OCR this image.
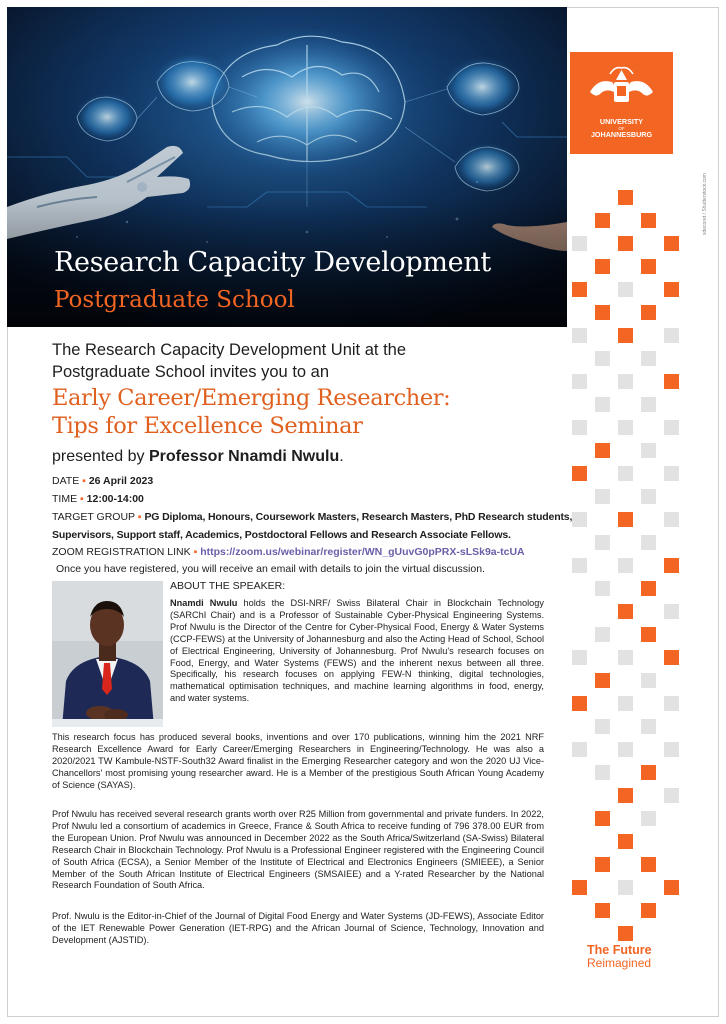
Research Capacity Development
Postgraduate School
UNIVERSITY
OF
JOHANNESBURG
sdecoret / Shutterstock.com
The Research Capacity Development Unit at the
Postgraduate School invites you to an
Early Career/Emerging Researcher:
Tips for Excellence Seminar
presented by Professor Nnamdi Nwulu.
DATE ▪ 26 April 2023
TIME ▪ 12:00-14:00
TARGET GROUP ▪ PG Diploma, Honours, Coursework Masters, Research Masters, PhD Research students,
Supervisors, Support staff, Academics, Postdoctoral Fellows and Research Associate Fellows.
ZOOM REGISTRATION LINK ▪ https://zoom.us/webinar/register/WN_gUuvG0pPRX-sLSk9a-tcUA
Once you have registered, you will receive an email with details to join the virtual discussion.
ABOUT THE SPEAKER:
Nnamdi Nwulu holds the DSI-NRF/ Swiss Bilateral Chair in Blockchain Technology (SARChI Chair) and is a Professor of Sustainable Cyber-Physical Engineering Systems. Prof Nwulu is the Director of the Centre for Cyber-Physical Food, Energy & Water Systems (CCP-FEWS) at the University of Johannesburg and also the Acting Head of School, School of Electrical Engineering, University of Johannesburg. Prof Nwulu's research focuses on Food, Energy, and Water Systems (FEWS) and the inherent nexus between all three. Specifically, his research focuses on applying FEW-N thinking, digital technologies, mathematical optimisation techniques, and machine learning algorithms in food, energy, and water systems.
This research focus has produced several books, inventions and over 170 publications, winning him the 2021 NRF Research Excellence Award for Early Career/Emerging Researchers in Engineering/Technology. He was also a 2020/2021 TW Kambule-NSTF-South32 Award finalist in the Emerging Researcher category and won the 2020 UJ Vice-Chancellors' most promising young researcher award. He is a Member of the prestigious South African Young Academy of Science (SAYAS).
Prof Nwulu has received several research grants worth over R25 Million from governmental and private funders. In 2022, Prof Nwulu led a consortium of academics in Greece, France & South Africa to receive funding of 796 378.00 EUR from the European Union. Prof Nwulu was announced in December 2022 as the South Africa/Switzerland (SA-Swiss) Bilateral Research Chair in Blockchain Technology. Prof Nwulu is a Professional Engineer registered with the Engineering Council of South Africa (ECSA), a Senior Member of the Institute of Electrical and Electronics Engineers (SMIEEE), a Senior Member of the South African Institute of Electrical Engineers (SMSAIEE) and a Y-rated Researcher by the National Research Foundation of South Africa.
Prof. Nwulu is the Editor-in-Chief of the Journal of Digital Food Energy and Water Systems (JD-FEWS), Associate Editor of the IET Renewable Power Generation (IET-RPG) and the African Journal of Science, Technology, Innovation and Development (AJSTID).
The Future
Reimagined
